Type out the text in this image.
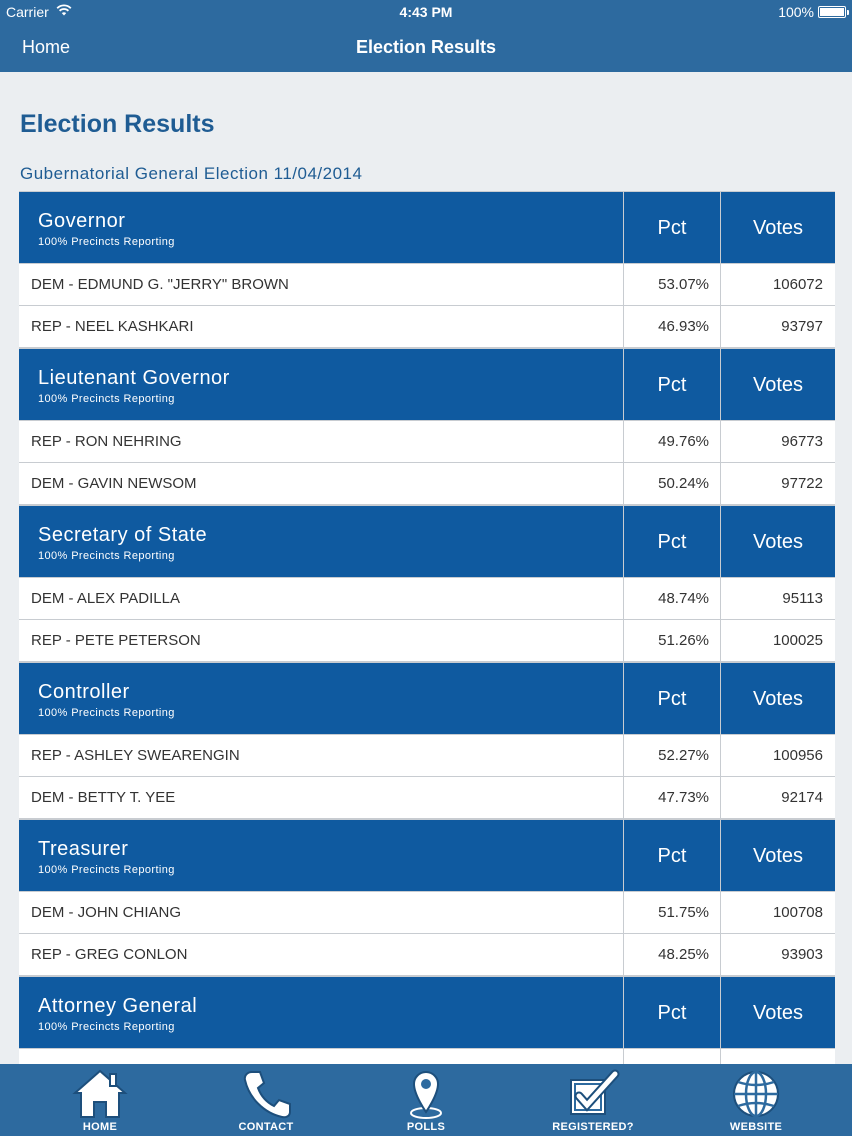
Carrier	4:43 PM	100%
Home	Election Results
Election Results
Gubernatorial General Election 11/04/2014
Governor
100% Precincts Reporting
Pct	Votes
DEM - EDMUND G. "JERRY" BROWN	53.07%	106072
REP - NEEL KASHKARI	46.93%	93797
Lieutenant Governor
100% Precincts Reporting
Pct	Votes
REP - RON NEHRING	49.76%	96773
DEM - GAVIN NEWSOM	50.24%	97722
Secretary of State
100% Precincts Reporting
Pct	Votes
DEM - ALEX PADILLA	48.74%	95113
REP - PETE PETERSON	51.26%	100025
Controller
100% Precincts Reporting
Pct	Votes
REP - ASHLEY SWEARENGIN	52.27%	100956
DEM - BETTY T. YEE	47.73%	92174
Treasurer
100% Precincts Reporting
Pct	Votes
DEM - JOHN CHIANG	51.75%	100708
REP - GREG CONLON	48.25%	93903
Attorney General
100% Precincts Reporting
Pct	Votes
HOME	CONTACT	POLLS	REGISTERED?	WEBSITE
